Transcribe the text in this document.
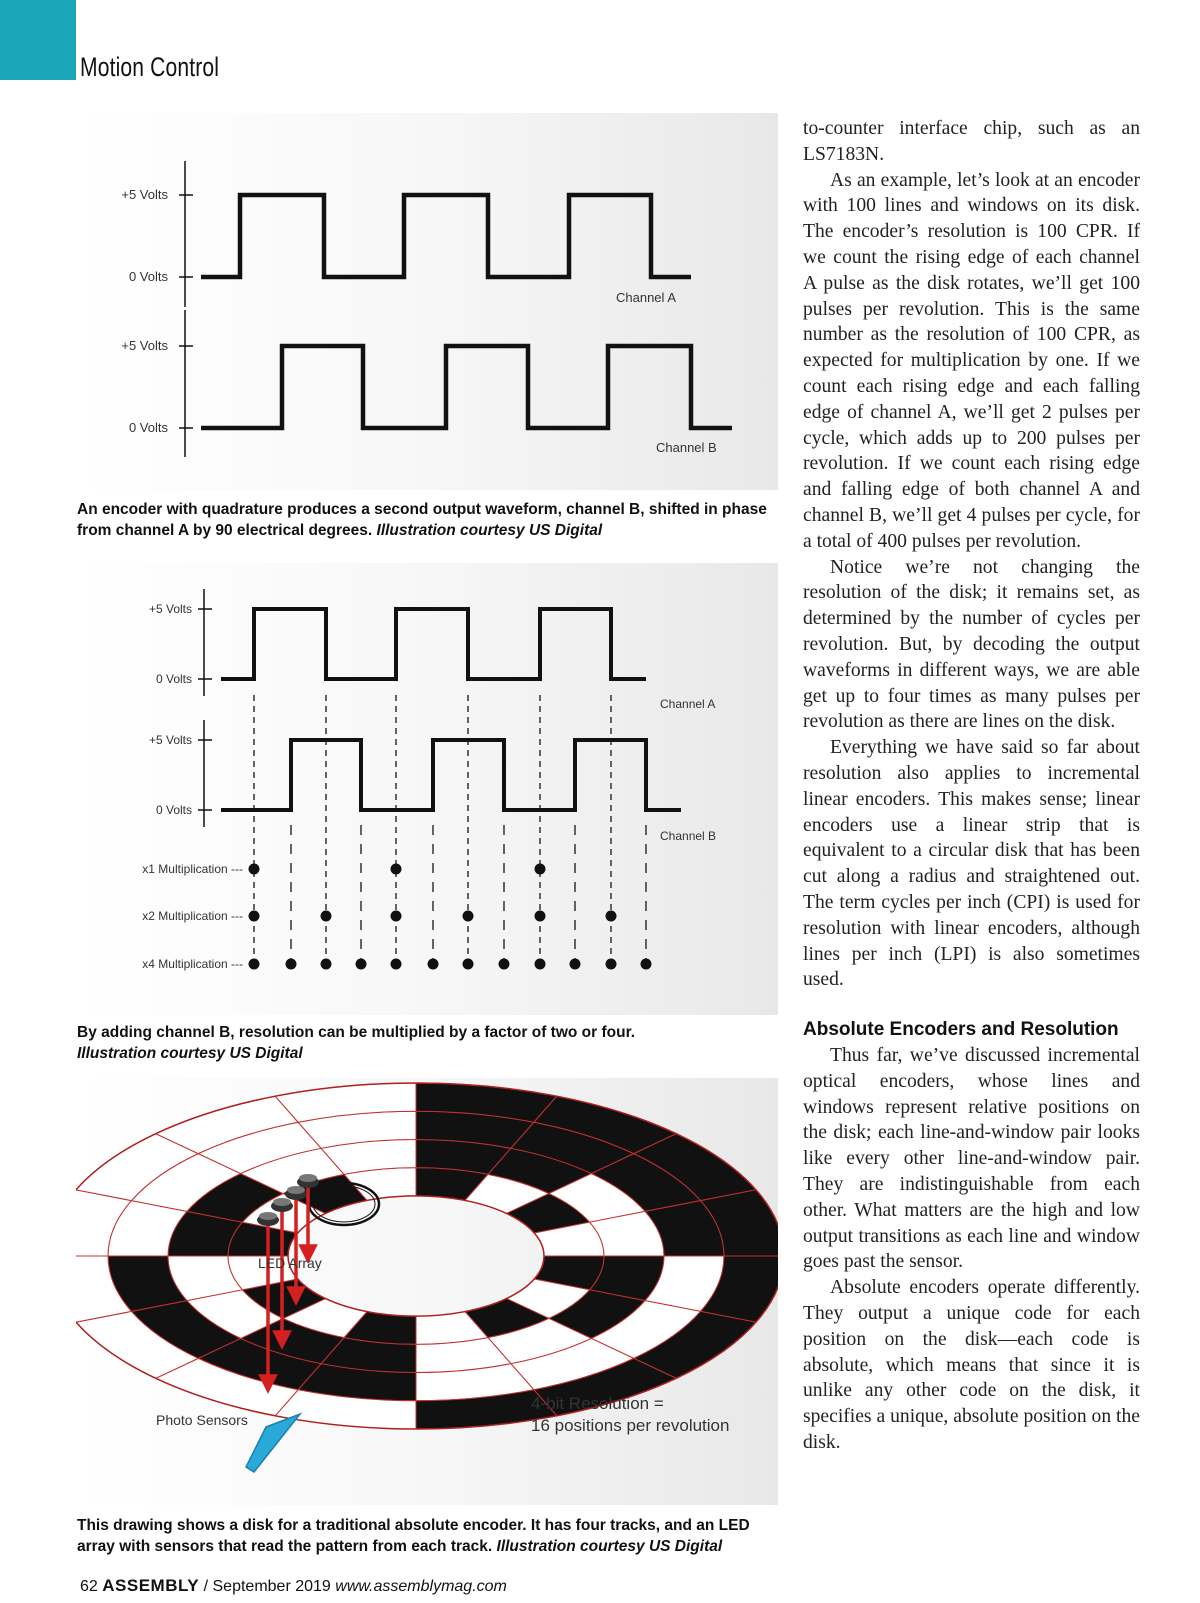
Motion Control
+5 Volts
0 Volts
+5 Volts
0 Volts
Channel A
Channel B
An encoder with quadrature produces a second output waveform, channel B, shifted in phase from channel A by 90 electrical degrees. Illustration courtesy US Digital
+5 Volts
0 Volts
+5 Volts
0 Volts
Channel A
Channel B
x1 Multiplication ---
x2 Multiplication ---
x4 Multiplication ---
By adding channel B, resolution can be multiplied by a factor of two or four.
Illustration courtesy US Digital
LED Array
Photo Sensors
4-bit Resolution =
16 positions per revolution
This drawing shows a disk for a traditional absolute encoder. It has four tracks, and an LED array with sensors that read the pattern from each track. Illustration courtesy US Digital

to-counter interface chip, such as an LS7183N.

As an example, let’s look at an encoder with 100 lines and windows on its disk. The encoder’s resolution is 100 CPR. If we count the rising edge of each channel A pulse as the disk rotates, we’ll get 100 pulses per revolution. This is the same number as the resolution of 100 CPR, as expected for multiplication by one. If we count each rising edge and each falling edge of channel A, we’ll get 2 pulses per cycle, which adds up to 200 pulses per revolution. If we count each rising edge and falling edge of both channel A and channel B, we’ll get 4 pulses per cycle, for a total of 400 pulses per revolution.

Notice we’re not changing the resolution of the disk; it remains set, as determined by the number of cycles per revolution. But, by decoding the output waveforms in different ways, we are able get up to four times as many pulses per revolution as there are lines on the disk.

Everything we have said so far about resolution also applies to incremental linear encoders. This makes sense; linear encoders use a linear strip that is equivalent to a circular disk that has been cut along a radius and straightened out. The term cycles per inch (CPI) is used for resolution with linear encoders, although lines per inch (LPI) is also sometimes used.

Absolute Encoders and Resolution

Thus far, we’ve discussed incremental optical encoders, whose lines and windows represent relative positions on the disk; each line-and-window pair looks like every other line-and-window pair. They are indistinguishable from each other. What matters are the high and low output transitions as each line and window goes past the sensor.

Absolute encoders operate differently. They output a unique code for each position on the disk—each code is absolute, which means that since it is unlike any other code on the disk, it specifies a unique, absolute position on the disk.

62 ASSEMBLY / September 2019 www.assemblymag.com
